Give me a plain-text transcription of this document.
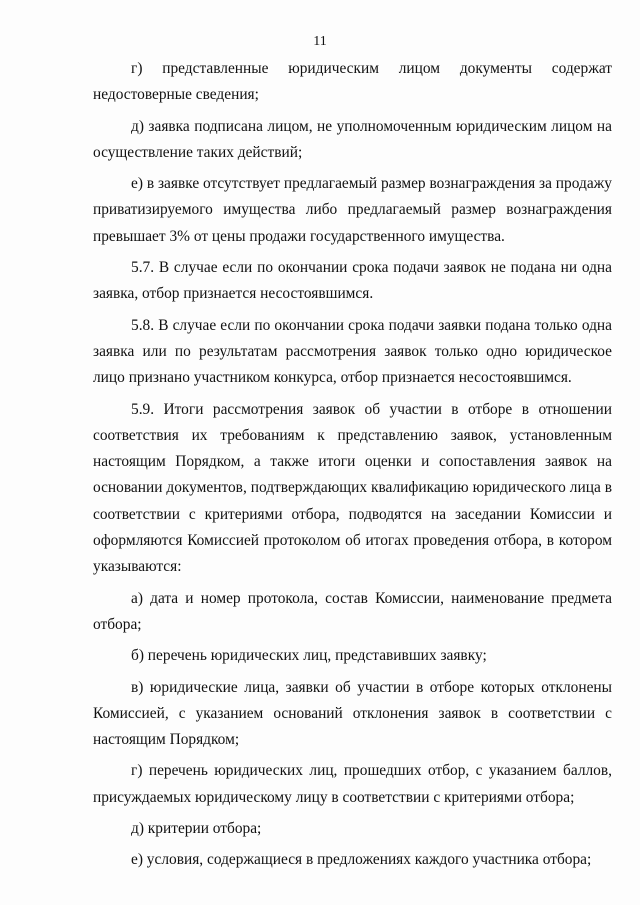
11

г) представленные юридическим лицом документы содержат недостоверные сведения;

д) заявка подписана лицом, не уполномоченным юридическим лицом на осуществление таких действий;

е) в заявке отсутствует предлагаемый размер вознаграждения за продажу приватизируемого имущества либо предлагаемый размер вознаграждения превышает 3% от цены продажи государственного имущества.

5.7. В случае если по окончании срока подачи заявок не подана ни одна заявка, отбор признается несостоявшимся.

5.8. В случае если по окончании срока подачи заявки подана только одна заявка или по результатам рассмотрения заявок только одно юридическое лицо признано участником конкурса, отбор признается несостоявшимся.

5.9. Итоги рассмотрения заявок об участии в отборе в отношении соответствия их требованиям к представлению заявок, установленным настоящим Порядком, а также итоги оценки и сопоставления заявок на основании документов, подтверждающих квалификацию юридического лица в соответствии с критериями отбора, подводятся на заседании Комиссии и оформляются Комиссией протоколом об итогах проведения отбора, в котором указываются:

а) дата и номер протокола, состав Комиссии, наименование предмета отбора;

б) перечень юридических лиц, представивших заявку;

в) юридические лица, заявки об участии в отборе которых отклонены Комиссией, с указанием оснований отклонения заявок в соответствии с настоящим Порядком;

г) перечень юридических лиц, прошедших отбор, с указанием баллов, присуждаемых юридическому лицу в соответствии с критериями отбора;

д) критерии отбора;

е) условия, содержащиеся в предложениях каждого участника отбора;
